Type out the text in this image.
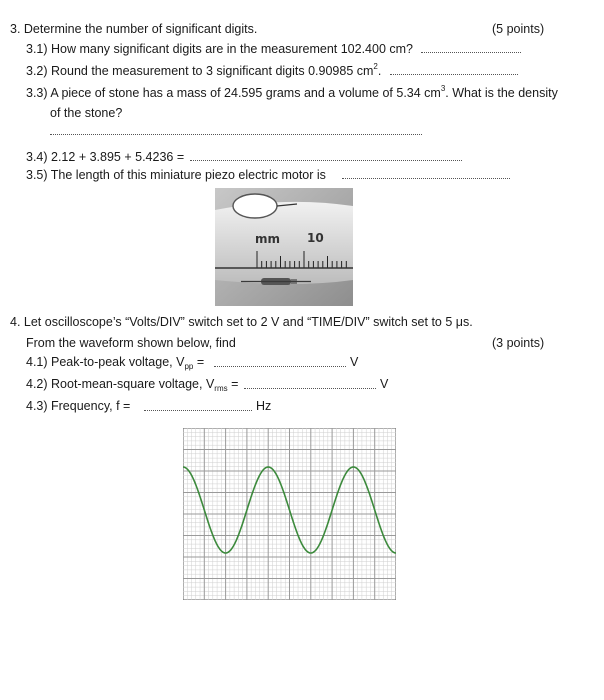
3. Determine the number of significant digits.	(5 points)
3.1) How many significant digits are in the measurement 102.400 cm?
3.2) Round the measurement to 3 significant digits 0.90985 $cm^2$.
3.3) A piece of stone has a mass of 24.595 grams and a volume of 5.34 $cm^3$. What is the density
of the stone?
3.4) 2.12 + 3.895 + 5.4236 =
3.5) The length of this miniature piezo electric motor is
mm 10
4. Let oscilloscope’s “Volts/DIV” switch set to 2 V and “TIME/DIV” switch set to 5 μs.
From the waveform shown below, find	(3 points)
4.1) Peak-to-peak voltage, $V_{pp}$ =	V
4.2) Root-mean-square voltage, $V_{rms}$ =	V
4.3) Frequency, f =	Hz
